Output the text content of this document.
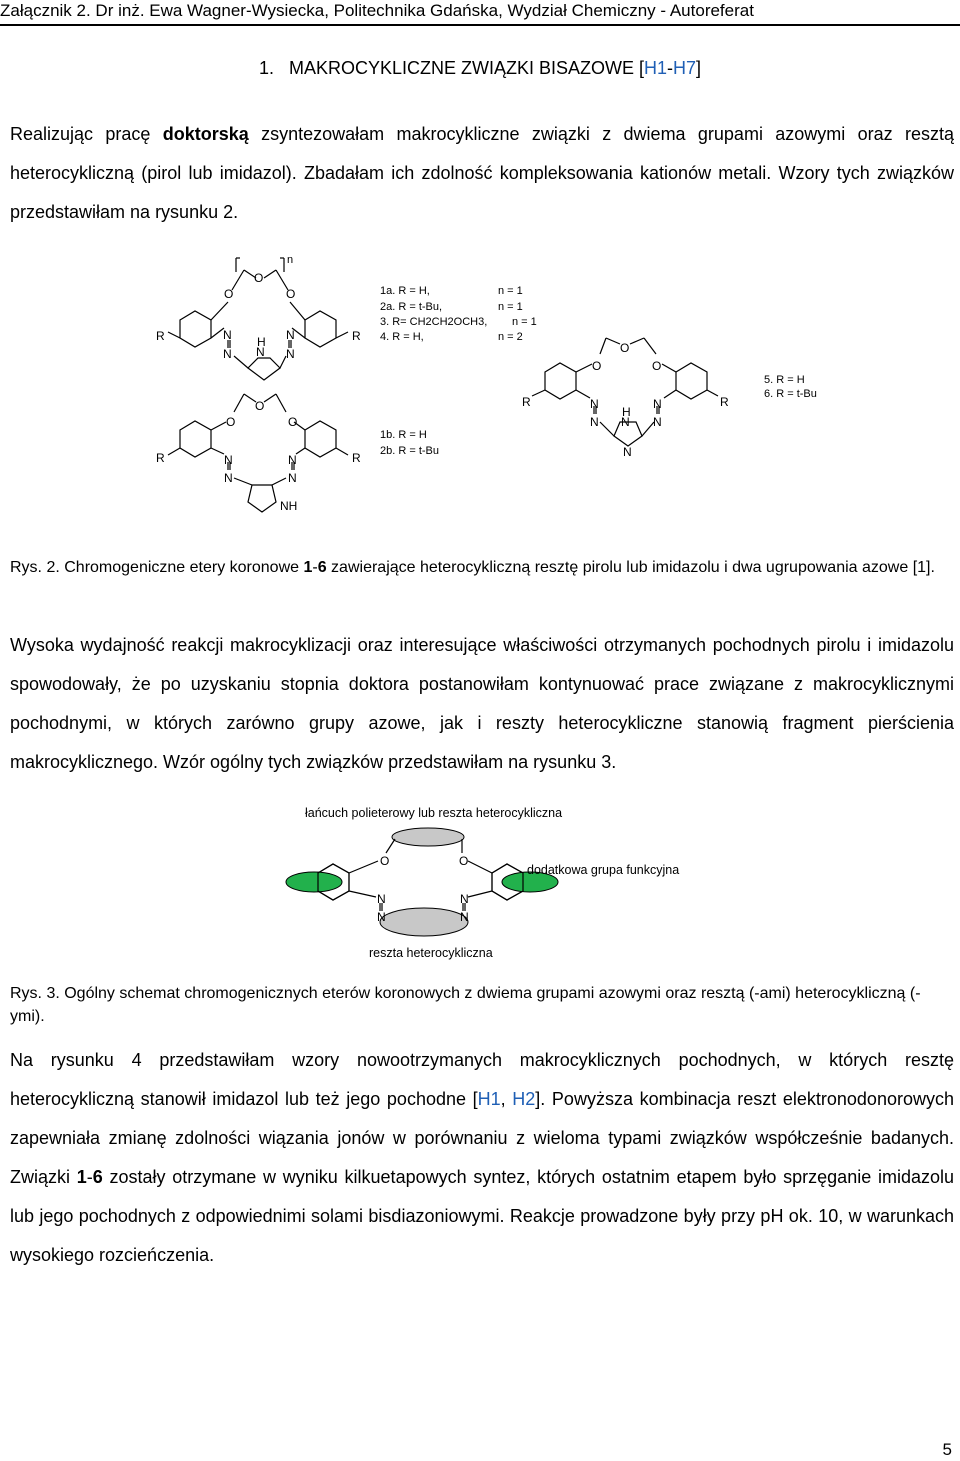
Załącznik 2. Dr inż. Ewa Wagner-Wysiecka, Politechnika Gdańska, Wydział Chemiczny - Autoreferat
1. MAKROCYKLICZNE ZWIĄZKI BISAZOWE [H1-H7]
Realizując pracę doktorską zsyntezowałam makrocykliczne związki z dwiema grupami azowymi oraz resztą heterocykliczną (pirol lub imidazol). Zbadałam ich zdolność kompleksowania kationów metali. Wzory tych związków przedstawiłam na rysunku 2.
O	O
O
n
R	R
N
N
N
N
H
N
O	O
O
R	R
N
N
N
N
NH
1a. R = H,
2a. R = t-Bu,
3. R= CH2CH2OCH3,
4. R = H,
n = 1
n = 1
n = 1
n = 2
1b. R = H
2b. R = t-Bu
O	O
O
R	R
N
N
N
N
H
N
N
5. R = H
6. R = t-Bu
Rys. 2. Chromogeniczne etery koronowe 1-6 zawierające heterocykliczną resztę pirolu lub imidazolu i dwa ugrupowania azowe [1].
Wysoka wydajność reakcji makrocyklizacji oraz interesujące właściwości otrzymanych pochodnych pirolu i imidazolu spowodowały, że po uzyskaniu stopnia doktora postanowiłam kontynuować prace związane z makrocyklicznymi pochodnymi, w których zarówno grupy azowe, jak i reszty heterocykliczne stanowią fragment pierścienia makrocyklicznego. Wzór ogólny tych związków przedstawiłam na rysunku 3.
łańcuch polieterowy lub reszta heterocykliczna
O	O
N
N
N
N
dodatkowa grupa funkcyjna
reszta heterocykliczna
Rys. 3. Ogólny schemat chromogenicznych eterów koronowych z dwiema grupami azowymi oraz resztą (-ami) heterocykliczną (-ymi).
Na rysunku 4 przedstawiłam wzory nowootrzymanych makrocyklicznych pochodnych, w których resztę heterocykliczną stanowił imidazol lub też jego pochodne [H1, H2]. Powyższa kombinacja reszt elektronodonorowych zapewniała zmianę zdolności wiązania jonów w porównaniu z wieloma typami związków współcześnie badanych. Związki 1-6 zostały otrzymane w wyniku kilkuetapowych syntez, których ostatnim etapem było sprzęganie imidazolu lub jego pochodnych z odpowiednimi solami bisdiazoniowymi. Reakcje prowadzone były przy pH ok. 10, w warunkach wysokiego rozcieńczenia.
5
